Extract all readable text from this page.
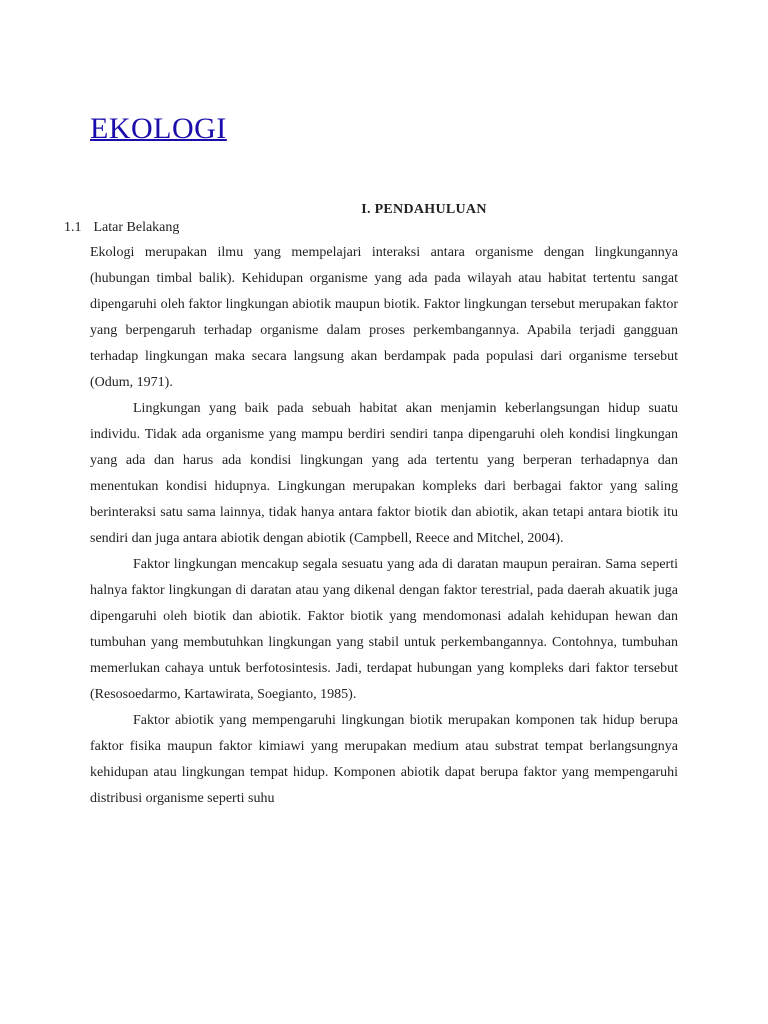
EKOLOGI
I. PENDAHULUAN
1.1 Latar Belakang

Ekologi merupakan ilmu yang mempelajari interaksi antara organisme dengan lingkungannya (hubungan timbal balik). Kehidupan organisme yang ada pada wilayah atau habitat tertentu sangat dipengaruhi oleh faktor lingkungan abiotik maupun biotik. Faktor lingkungan tersebut merupakan faktor yang berpengaruh terhadap organisme dalam proses perkembangannya. Apabila terjadi gangguan terhadap lingkungan maka secara langsung akan berdampak pada populasi dari organisme tersebut (Odum, 1971).

Lingkungan yang baik pada sebuah habitat akan menjamin keberlangsungan hidup suatu individu. Tidak ada organisme yang mampu berdiri sendiri tanpa dipengaruhi oleh kondisi lingkungan yang ada dan harus ada kondisi lingkungan yang ada tertentu yang berperan terhadapnya dan menentukan kondisi hidupnya. Lingkungan merupakan kompleks dari berbagai faktor yang saling berinteraksi satu sama lainnya, tidak hanya antara faktor biotik dan abiotik, akan tetapi antara biotik itu sendiri dan juga antara abiotik dengan abiotik (Campbell, Reece and Mitchel, 2004).

Faktor lingkungan mencakup segala sesuatu yang ada di daratan maupun perairan. Sama seperti halnya faktor lingkungan di daratan atau yang dikenal dengan faktor terestrial, pada daerah akuatik juga dipengaruhi oleh biotik dan abiotik. Faktor biotik yang mendomonasi adalah kehidupan hewan dan tumbuhan yang membutuhkan lingkungan yang stabil untuk perkembangannya. Contohnya, tumbuhan memerlukan cahaya untuk berfotosintesis. Jadi, terdapat hubungan yang kompleks dari faktor tersebut (Resosoedarmo, Kartawirata, Soegianto, 1985).

Faktor abiotik yang mempengaruhi lingkungan biotik merupakan komponen tak hidup berupa faktor fisika maupun faktor kimiawi yang merupakan medium atau substrat tempat berlangsungnya kehidupan atau lingkungan tempat hidup. Komponen abiotik dapat berupa faktor yang mempengaruhi distribusi organisme seperti suhu
